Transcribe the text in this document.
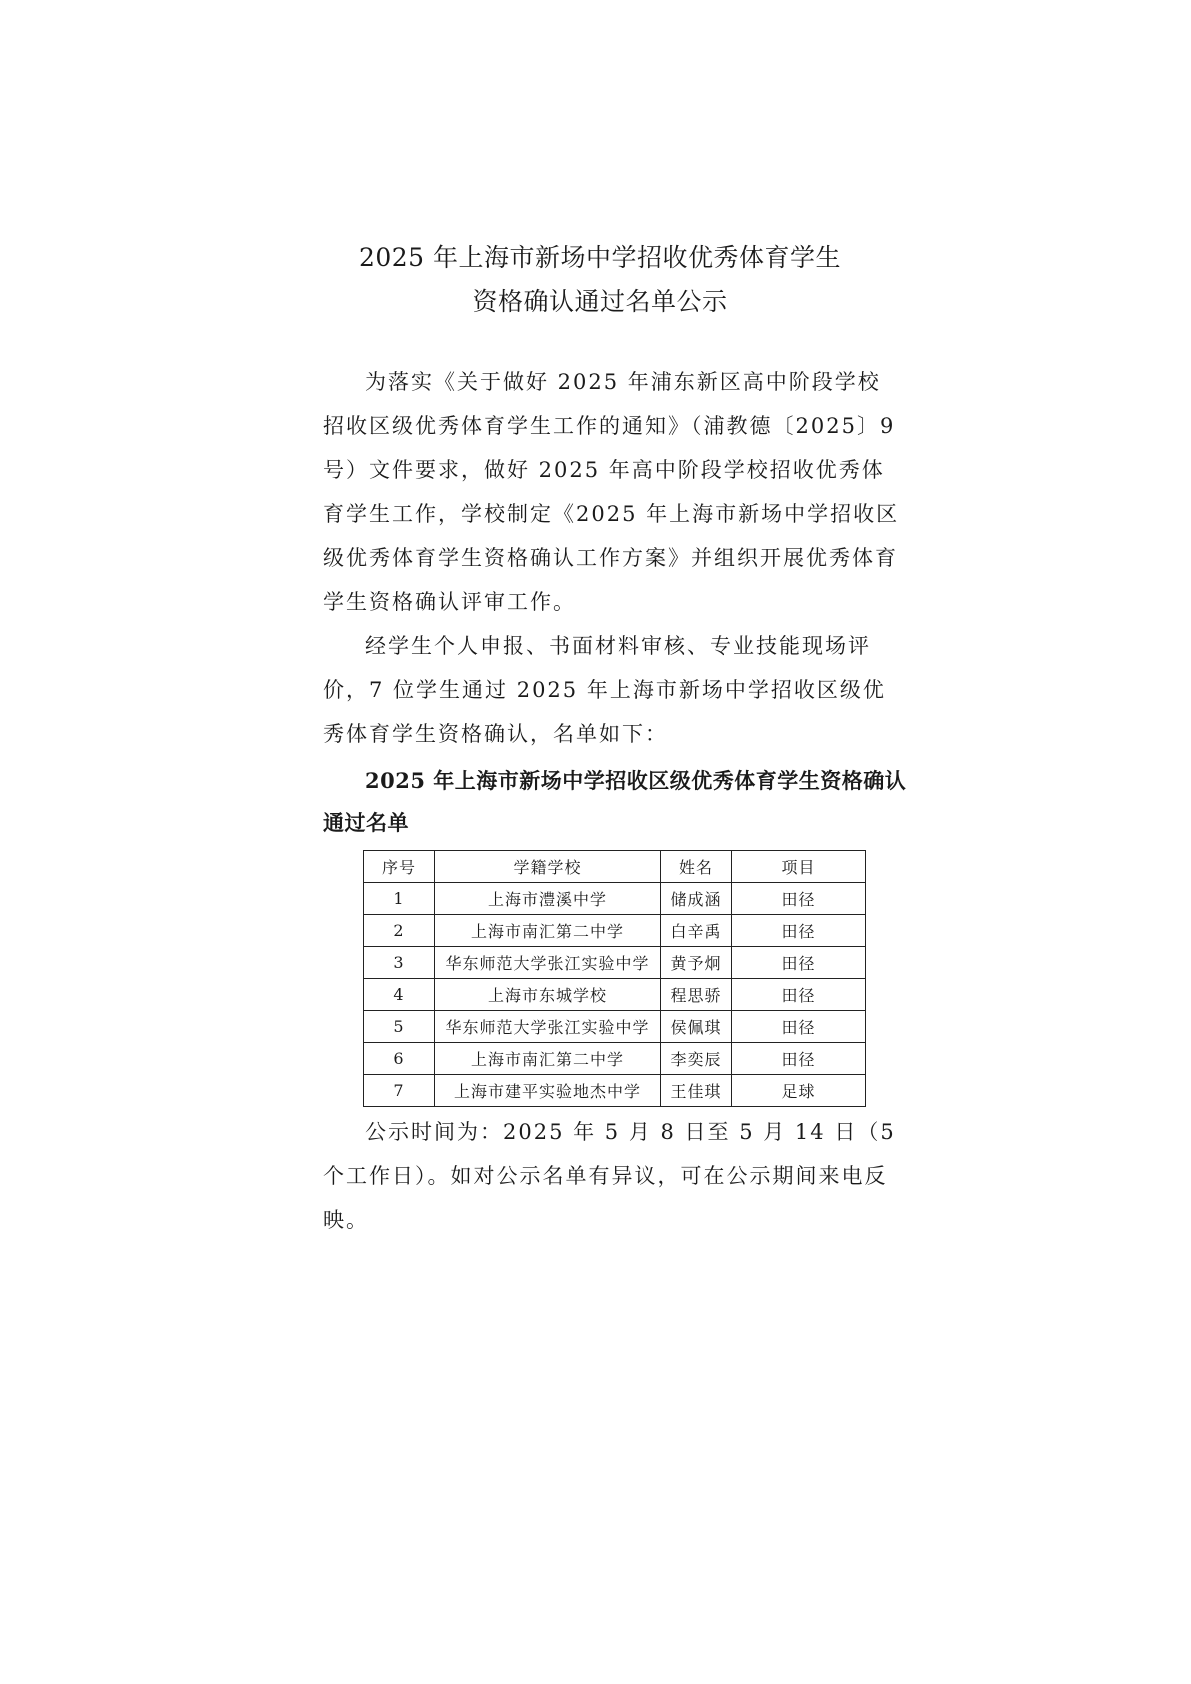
2025 年上海市新场中学招收优秀体育学生
资格确认通过名单公示

为落实《关于做好 2025 年浦东新区高中阶段学校招收区级优秀体育学生工作的通知》（浦教德〔2025〕9 号）文件要求，做好 2025 年高中阶段学校招收优秀体育学生工作，学校制定《2025 年上海市新场中学招收区级优秀体育学生资格确认工作方案》并组织开展优秀体育学生资格确认评审工作。

经学生个人申报、书面材料审核、专业技能现场评价，7 位学生通过 2025 年上海市新场中学招收区级优秀体育学生资格确认，名单如下：

2025 年上海市新场中学招收区级优秀体育学生资格确认通过名单
序号	学籍学校	姓名	项目
1	上海市澧溪中学	储成涵	田径
2	上海市南汇第二中学	白辛禹	田径
3	华东师范大学张江实验中学	黄予炯	田径
4	上海市东城学校	程思骄	田径
5	华东师范大学张江实验中学	侯佩琪	田径
6	上海市南汇第二中学	李奕辰	田径
7	上海市建平实验地杰中学	王佳琪	足球

公示时间为：2025 年 5 月 8 日至 5 月 14 日（5 个工作日）。如对公示名单有异议，可在公示期间来电反映。
